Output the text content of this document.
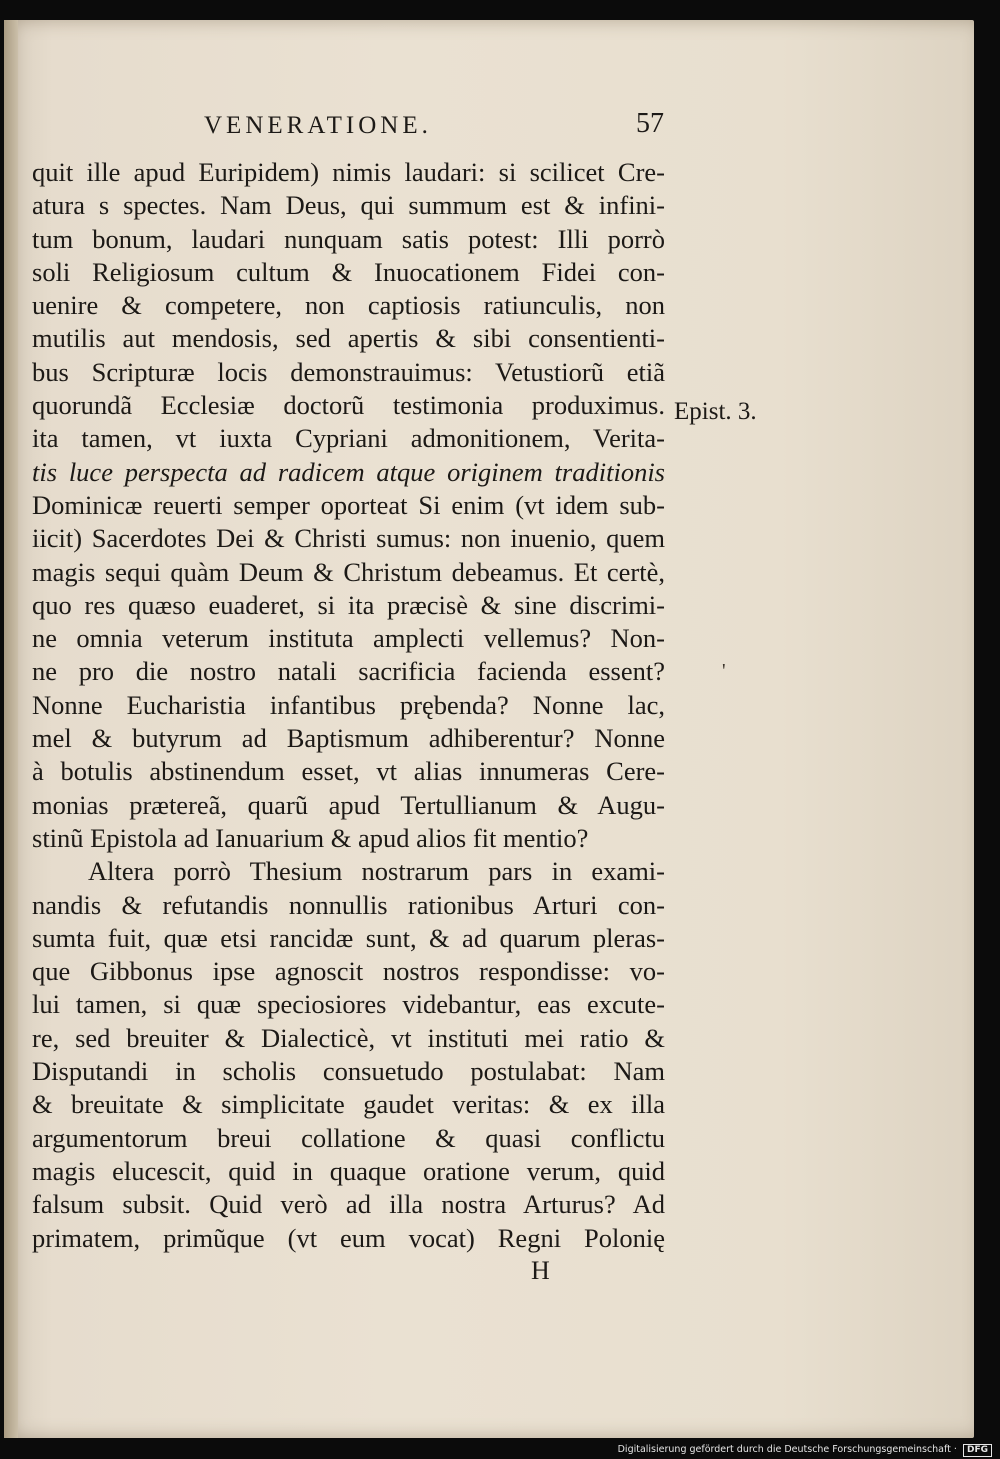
VENERATIONE.	57
quit ille apud Euripidem) nimis laudari: si scilicet Cre-
atura s spectes. Nam Deus, qui summum est & infini-
tum bonum, laudari nunquam satis potest: Illi porrò
soli Religiosum cultum & Inuocationem Fidei con-
uenire & competere, non captiosis ratiunculis, non
mutilis aut mendosis, sed apertis & sibi consentienti-
bus Scripturæ locis demonstrauimus: Vetustiorũ etiã
quorundã Ecclesiæ doctorũ testimonia produximus.
ita tamen, vt iuxta Cypriani admonitionem, Verita-
tis luce perspecta ad radicem atque originem traditionis
Dominicæ reuerti semper oporteat Si enim (vt idem sub-
iicit) Sacerdotes Dei & Christi sumus: non inuenio, quem
magis sequi quàm Deum & Christum debeamus. Et certè,
quo res quæso euaderet, si ita præcisè & sine discrimi-
ne omnia veterum instituta amplecti vellemus? Non-
ne pro die nostro natali sacrificia facienda essent?
Nonne Eucharistia infantibus prębenda? Nonne lac,
mel & butyrum ad Baptismum adhiberentur? Nonne
à botulis abstinendum esset, vt alias innumeras Cere-
monias prætereã, quarũ apud Tertullianum & Augu-
stinũ Epistola ad Ianuarium & apud alios fit mentio?
Altera porrò Thesium nostrarum pars in exami-
nandis & refutandis nonnullis rationibus Arturi con-
sumta fuit, quæ etsi rancidæ sunt, & ad quarum pleras-
que Gibbonus ipse agnoscit nostros respondisse: vo-
lui tamen, si quæ speciosiores videbantur, eas excute-
re, sed breuiter & Dialecticè, vt instituti mei ratio &
Disputandi in scholis consuetudo postulabat: Nam
& breuitate & simplicitate gaudet veritas: & ex illa
argumentorum breui collatione & quasi conflictu
magis elucescit, quid in quaque oratione verum, quid
falsum subsit. Quid verò ad illa nostra Arturus? Ad
primatem, primũque (vt eum vocat) Regni Polonię
Epist. 3.
'
H
Digitalisierung gefördert durch die Deutsche Forschungsgemeinschaft · DFG
